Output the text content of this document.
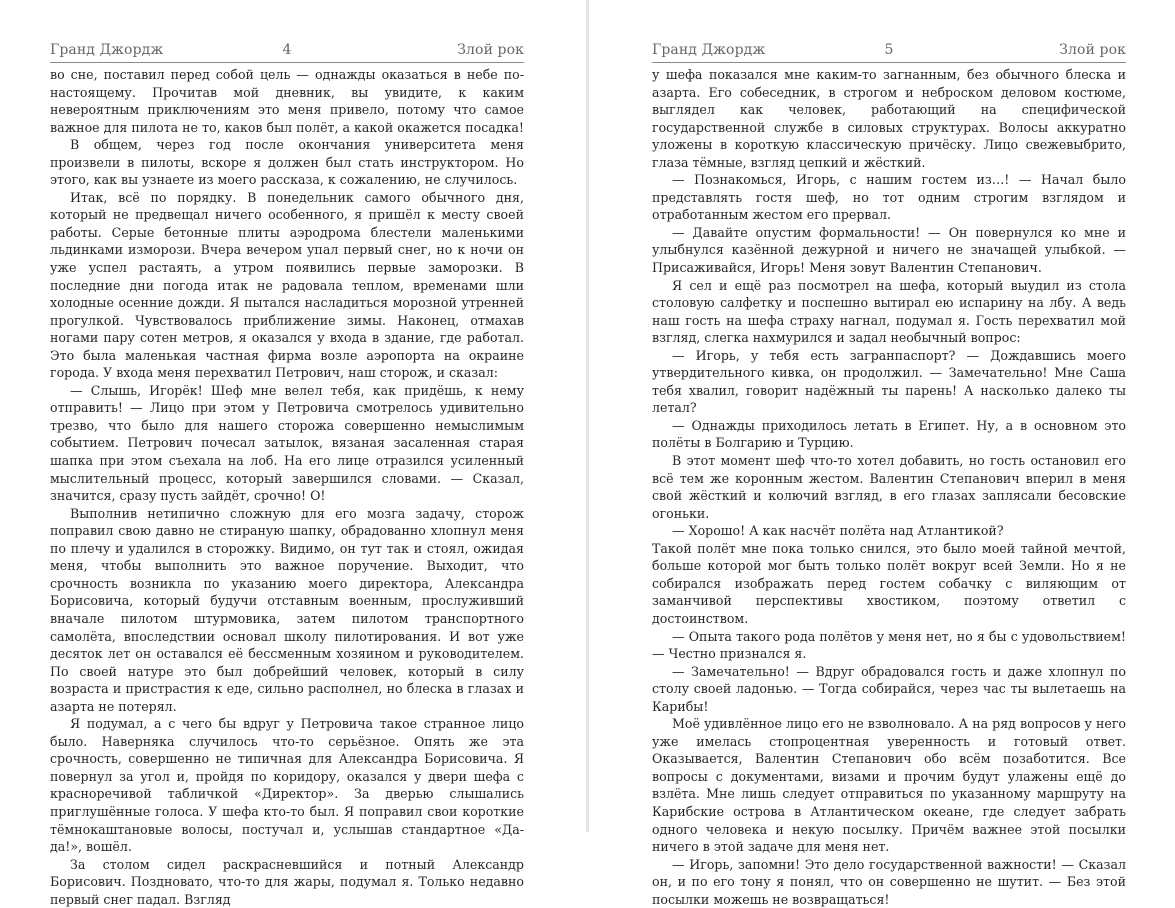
Гранд Джордж	4	Злой рок

во сне, поставил перед собой цель — однажды оказаться в небе по-настоящему. Прочитав мой дневник, вы увидите, к каким невероятным приключениям это меня привело, потому что самое важное для пилота не то, каков был полёт, а какой окажется посадка!

В общем, через год после окончания университета меня произвели в пилоты, вскоре я должен был стать инструктором. Но этого, как вы узнаете из моего рассказа, к сожалению, не случилось.

Итак, всё по порядку. В понедельник самого обычного дня, который не предвещал ничего особенного, я пришёл к месту своей работы. Серые бетонные плиты аэродрома блестели маленькими льдинками изморози. Вчера вечером упал первый снег, но к ночи он уже успел растаять, а утром появились первые заморозки. В последние дни погода итак не радовала теплом, временами шли холодные осенние дожди. Я пытался насладиться морозной утренней прогулкой. Чувствовалось приближение зимы. Наконец, отмахав ногами пару сотен метров, я оказался у входа в здание, где работал. Это была маленькая частная фирма возле аэропорта на окраине города. У входа меня перехватил Петрович, наш сторож, и сказал:

— Слышь, Игорёк! Шеф мне велел тебя, как придёшь, к нему отправить! — Лицо при этом у Петровича смотрелось удивительно трезво, что было для нашего сторожа совершенно немыслимым событием. Петрович почесал затылок, вязаная засаленная старая шапка при этом съехала на лоб. На его лице отразился усиленный мыслительный процесс, который завершился словами. — Сказал, значится, сразу пусть зайдёт, срочно! О!

Выполнив нетипично сложную для его мозга задачу, сторож поправил свою давно не стираную шапку, обрадованно хлопнул меня по плечу и удалился в сторожку. Видимо, он тут так и стоял, ожидая меня, чтобы выполнить это важное поручение. Выходит, что срочность возникла по указанию моего директора, Александра Борисовича, который будучи отставным военным, прослуживший вначале пилотом штурмовика, затем пилотом транспортного самолёта, впоследствии основал школу пилотирования. И вот уже десяток лет он оставался её бессменным хозяином и руководителем. По своей натуре это был добрейший человек, который в силу возраста и пристрастия к еде, сильно располнел, но блеска в глазах и азарта не потерял.

Я подумал, а с чего бы вдруг у Петровича такое странное лицо было. Наверняка случилось что-то серьёзное. Опять же эта срочность, совершенно не типичная для Александра Борисовича. Я повернул за угол и, пройдя по коридору, оказался у двери шефа с красноречивой табличкой «Директор». За дверью слышались приглушённые голоса. У шефа кто-то был. Я поправил свои короткие тёмнокаштановые волосы, постучал и, услышав стандартное «Да-да!», вошёл.

За столом сидел раскрасневшийся и потный Александр Борисович. Поздновато, что-то для жары, подумал я. Только недавно первый снег падал. Взгляд

Гранд Джордж	5	Злой рок

у шефа показался мне каким-то загнанным, без обычного блеска и азарта. Его собеседник, в строгом и неброском деловом костюме, выглядел как человек, работающий на специфической государственной службе в силовых структурах. Волосы аккуратно уложены в короткую классическую причёску. Лицо свежевыбрито, глаза тёмные, взгляд цепкий и жёсткий.

— Познакомься, Игорь, с нашим гостем из…! — Начал было представлять гостя шеф, но тот одним строгим взглядом и отработанным жестом его прервал.

— Давайте опустим формальности! — Он повернулся ко мне и улыбнулся казённой дежурной и ничего не значащей улыбкой. — Присаживайся, Игорь! Меня зовут Валентин Степанович.

Я сел и ещё раз посмотрел на шефа, который выудил из стола столовую салфетку и поспешно вытирал ею испарину на лбу. А ведь наш гость на шефа страху нагнал, подумал я. Гость перехватил мой взгляд, слегка нахмурился и задал необычный вопрос:

— Игорь, у тебя есть загранпаспорт? — Дождавшись моего утвердительного кивка, он продолжил. — Замечательно! Мне Саша тебя хвалил, говорит надёжный ты парень! А насколько далеко ты летал?

— Однажды приходилось летать в Египет. Ну, а в основном это полёты в Болгарию и Турцию.

В этот момент шеф что-то хотел добавить, но гость остановил его всё тем же коронным жестом. Валентин Степанович вперил в меня свой жёсткий и колючий взгляд, в его глазах заплясали бесовские огоньки.

— Хорошо! А как насчёт полёта над Атлантикой?

Такой полёт мне пока только снился, это было моей тайной мечтой, больше которой мог быть только полёт вокруг всей Земли. Но я не собирался изображать перед гостем собачку с виляющим от заманчивой перспективы хвостиком, поэтому ответил с достоинством.

— Опыта такого рода полётов у меня нет, но я бы с удовольствием! — Честно признался я.

— Замечательно! — Вдруг обрадовался гость и даже хлопнул по столу своей ладонью. — Тогда собирайся, через час ты вылетаешь на Карибы!

Моё удивлённое лицо его не взволновало. А на ряд вопросов у него уже имелась стопроцентная уверенность и готовый ответ. Оказывается, Валентин Степанович обо всём позаботится. Все вопросы с документами, визами и прочим будут улажены ещё до взлёта. Мне лишь следует отправиться по указанному маршруту на Карибские острова в Атлантическом океане, где следует забрать одного человека и некую посылку. Причём важнее этой посылки ничего в этой задаче для меня нет.

— Игорь, запомни! Это дело государственной важности! — Сказал он, и по его тону я понял, что он совершенно не шутит. — Без этой посылки можешь не возвращаться!
